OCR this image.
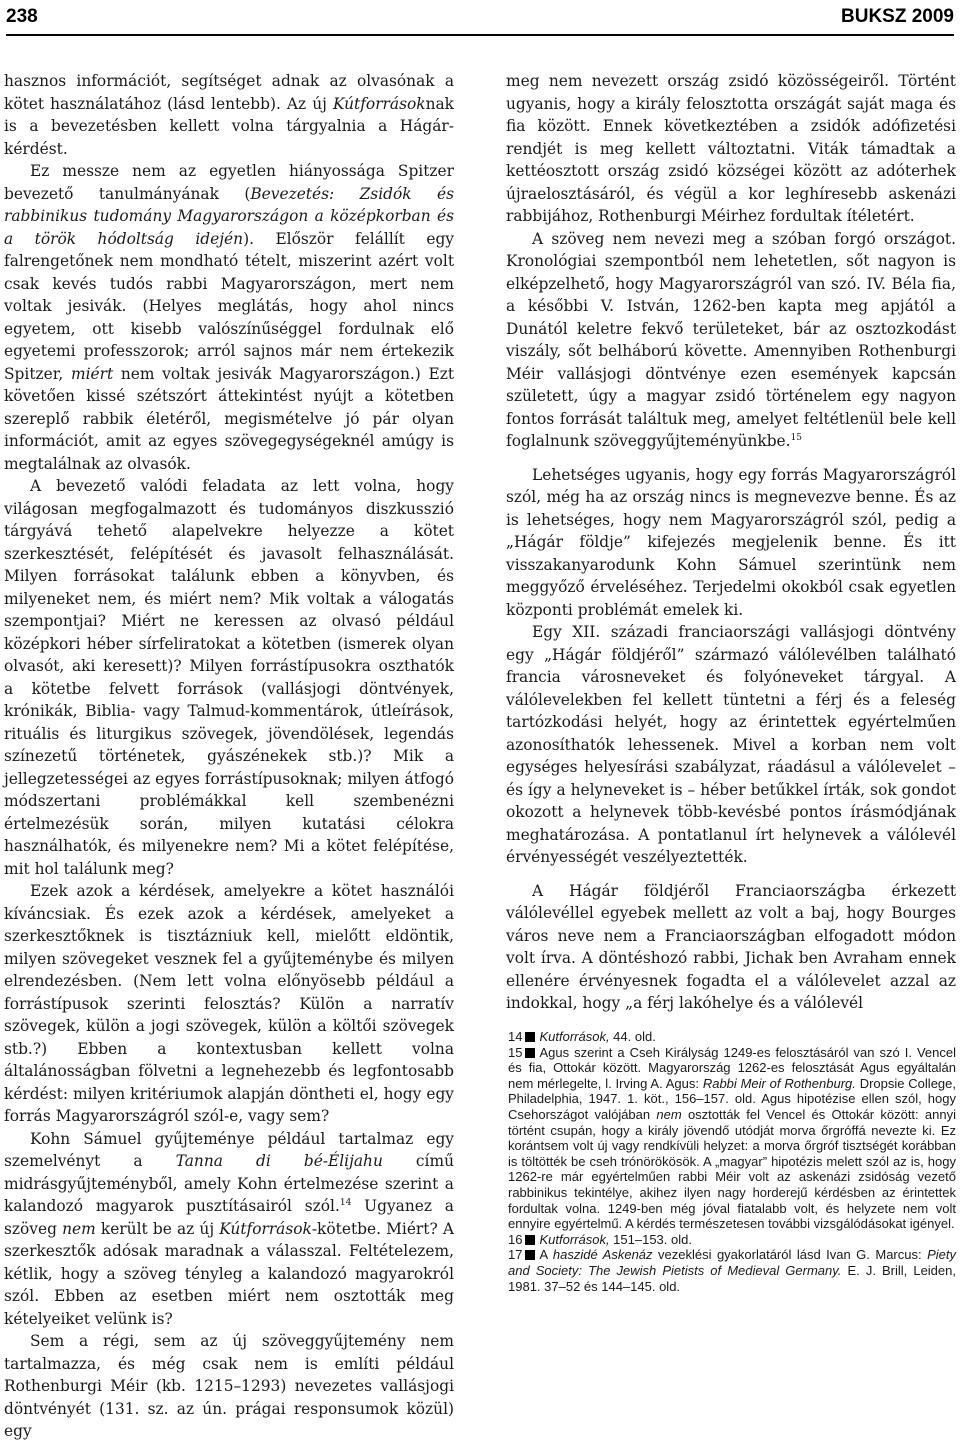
238	BUKSZ 2009

hasznos információt, segítséget adnak az olvasónak a kötet használatához (lásd lentebb). Az új Kútforrásoknak is a bevezetésben kellett volna tárgyalnia a Hágár-kérdést.

Ez messze nem az egyetlen hiányossága Spitzer bevezető tanulmányának (Bevezetés: Zsidók és rabbinikus tudomány Magyarországon a középkorban és a török hódoltság idején). Először felállít egy falrengetőnek nem mondható tételt, miszerint azért volt csak kevés tudós rabbi Magyarországon, mert nem voltak jesivák. (Helyes meglátás, hogy ahol nincs egyetem, ott kisebb valószínűséggel fordulnak elő egyetemi professzorok; arról sajnos már nem értekezik Spitzer, miért nem voltak jesivák Magyarországon.) Ezt követően kissé szétszórt áttekintést nyújt a kötetben szereplő rabbik életéről, megismételve jó pár olyan információt, amit az egyes szövegegységeknél amúgy is megtalálnak az olvasók.

A bevezető valódi feladata az lett volna, hogy világosan megfogalmazott és tudományos diszkusszió tárgyává tehető alapelvekre helyezze a kötet szerkesztését, felépítését és javasolt felhasználását. Milyen forrásokat találunk ebben a könyvben, és milyeneket nem, és miért nem? Mik voltak a válogatás szempontjai? Miért ne keressen az olvasó például középkori héber sírfeliratokat a kötetben (ismerek olyan olvasót, aki keresett)? Milyen forrástípusokra oszthatók a kötetbe felvett források (vallásjogi döntvények, krónikák, Biblia- vagy Talmud-kommentárok, útleírások, rituális és liturgikus szövegek, jövendölések, legendás színezetű történetek, gyászénekek stb.)? Mik a jellegzetességei az egyes forrástípusoknak; milyen átfogó módszertani problémákkal kell szembenézni értelmezésük során, milyen kutatási célokra használhatók, és milyenekre nem? Mi a kötet felépítése, mit hol találunk meg?

Ezek azok a kérdések, amelyekre a kötet használói kíváncsiak. És ezek azok a kérdések, amelyeket a szerkesztőknek is tisztázniuk kell, mielőtt eldöntik, milyen szövegeket vesznek fel a gyűjteménybe és milyen elrendezésben. (Nem lett volna előnyösebb például a forrástípusok szerinti felosztás? Külön a narratív szövegek, külön a jogi szövegek, külön a költői szövegek stb.?) Ebben a kontextusban kellett volna általánosságban fölvetni a legnehezebb és legfontosabb kérdést: milyen kritériumok alapján döntheti el, hogy egy forrás Magyarországról szól-e, vagy sem?

Kohn Sámuel gyűjteménye például tartalmaz egy szemelvényt a Tanna di bé-Élijahu című midrásgyűjteményből, amely Kohn értelmezése szerint a kalandozó magyarok pusztításairól szól.$^{14}$ Ugyanez a szöveg nem került be az új Kútforrások-kötetbe. Miért? A szerkesztők adósak maradnak a válasszal. Feltételezem, kétlik, hogy a szöveg tényleg a kalandozó magyarokról szól. Ebben az esetben miért nem osztották meg kételyeiket velünk is?

Sem a régi, sem az új szöveggyűjtemény nem tartalmazza, és még csak nem is említi például Rothenburgi Méir (kb. 1215–1293) nevezetes vallásjogi döntvényét (131. sz. az ún. prágai responsumok közül) egy

meg nem nevezett ország zsidó közösségeiről. Történt ugyanis, hogy a király felosztotta országát saját maga és fia között. Ennek következtében a zsidók adófizetési rendjét is meg kellett változtatni. Viták támadtak a kettéosztott ország zsidó községei között az adóterhek újraelosztásáról, és végül a kor leghíresebb askenázi rabbijához, Rothenburgi Méirhez fordultak ítéletért.

A szöveg nem nevezi meg a szóban forgó országot. Kronológiai szempontból nem lehetetlen, sőt nagyon is elképzelhető, hogy Magyarországról van szó. IV. Béla fia, a későbbi V. István, 1262-ben kapta meg apjától a Dunától keletre fekvő területeket, bár az osztozkodást viszály, sőt belháború követte. Amennyiben Rothenburgi Méir vallásjogi döntvénye ezen események kapcsán született, úgy a magyar zsidó történelem egy nagyon fontos forrását találtuk meg, amelyet feltétlenül bele kell foglalnunk szöveggyűjteményünkbe.$^{15}$

Lehetséges ugyanis, hogy egy forrás Magyarországról szól, még ha az ország nincs is megnevezve benne. És az is lehetséges, hogy nem Magyarországról szól, pedig a „Hágár földje” kifejezés megjelenik benne. És itt visszakanyarodunk Kohn Sámuel szerintünk nem meggyőző érveléséhez. Terjedelmi okokból csak egyetlen központi problémát emelek ki.

Egy XII. századi franciaországi vallásjogi döntvény egy „Hágár földjéről” származó válólevélben található francia városneveket és folyóneveket tárgyal. A válólevelekben fel kellett tüntetni a férj és a feleség tartózkodási helyét, hogy az érintettek egyértelműen azonosíthatók lehessenek. Mivel a korban nem volt egységes helyesírási szabályzat, ráadásul a válólevelet – és így a helyneveket is – héber betűkkel írták, sok gondot okozott a helynevek több-kevésbé pontos írásmódjának meghatározása. A pontatlanul írt helynevek a válólevél érvényességét veszélyeztették.

A Hágár földjéről Franciaországba érkezett válólevéllel egyebek mellett az volt a baj, hogy Bourges város neve nem a Franciaországban elfogadott módon volt írva. A döntéshozó rabbi, Jichak ben Avraham ennek ellenére érvényesnek fogadta el a válólevelet azzal az indokkal, hogy „a férj lakóhelye és a válólevél

14 Kutforrások, 44. old.

15 Agus szerint a Cseh Királyság 1249-es felosztásáról van szó I. Vencel és fia, Ottokár között. Magyarország 1262-es felosztását Agus egyáltalán nem mérlegelte, l. Irving A. Agus: Rabbi Meir of Rothenburg. Dropsie College, Philadelphia, 1947. 1. köt., 156–157. old. Agus hipotézise ellen szól, hogy Csehországot valójában nem osztották fel Vencel és Ottokár között: annyi történt csupán, hogy a király jövendő utódját morva őrgróffá nevezte ki. Ez korántsem volt új vagy rendkívüli helyzet: a morva őrgróf tisztségét korábban is töltötték be cseh trónörökösök. A „magyar” hipotézis melett szól az is, hogy 1262-re már egyértelműen rabbi Méir volt az askenázi zsidóság vezető rabbinikus tekintélye, akihez ilyen nagy horderejű kérdésben az érintettek fordultak volna. 1249-ben még jóval fiatalabb volt, és helyzete nem volt ennyire egyértelmű. A kérdés természetesen további vizsgálódásokat igényel.

16 Kutforrások, 151–153. old.

17 A haszidé Askenáz vezeklési gyakorlatáról lásd Ivan G. Marcus: Piety and Society: The Jewish Pietists of Medieval Germany. E. J. Brill, Leiden, 1981. 37–52 és 144–145. old.
